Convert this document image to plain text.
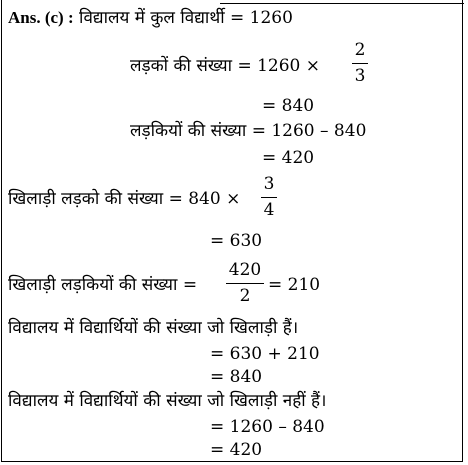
Ans. (c) : विद्यालय में कुल विद्यार्थी = 1260
लड़कों की संख्या = 1260 ×
2
3
= 840
लड़कियों की संख्या = 1260 – 840
= 420
खिलाड़ी लड़को की संख्या = 840 ×
3
4
= 630
खिलाड़ी लड़कियों की संख्या =
420
2
= 210
विद्यालय में विद्यार्थियों की संख्या जो खिलाड़ी हैं।
= 630 + 210
= 840
विद्यालय में विद्यार्थियों की संख्या जो खिलाड़ी नहीं हैं।
= 1260 – 840
= 420
